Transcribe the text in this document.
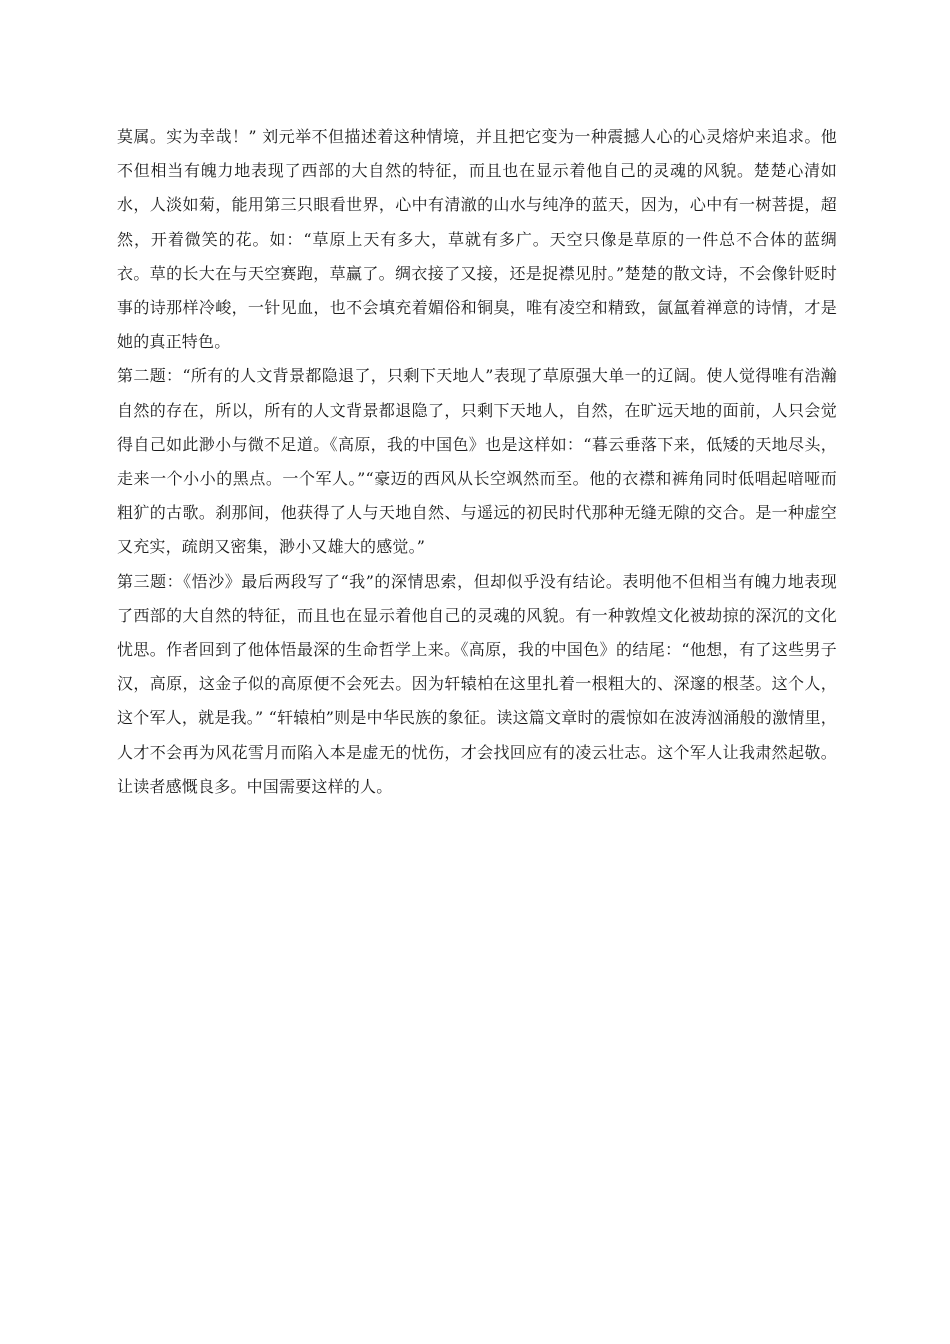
莫属。实为幸哉！” 刘元举不但描述着这种情境，并且把它变为一种震撼人心的心灵熔炉来追求。他不但相当有魄力地表现了西部的大自然的特征，而且也在显示着他自己的灵魂的风貌。楚楚心清如水，人淡如菊，能用第三只眼看世界，心中有清澈的山水与纯净的蓝天，因为，心中有一树菩提，超然，开着微笑的花。如：“草原上天有多大，草就有多广。天空只像是草原的一件总不合体的蓝绸衣。草的长大在与天空赛跑，草赢了。绸衣接了又接，还是捉襟见肘。”楚楚的散文诗，不会像针贬时事的诗那样冷峻，一针见血，也不会填充着媚俗和铜臭，唯有凌空和精致，氤氲着禅意的诗情，才是她的真正特色。

第二题：“所有的人文背景都隐退了，只剩下天地人”表现了草原强大单一的辽阔。使人觉得唯有浩瀚自然的存在，所以，所有的人文背景都退隐了，只剩下天地人，自然，在旷远天地的面前，人只会觉得自己如此渺小与微不足道。《高原，我的中国色》也是这样如：“暮云垂落下来，低矮的天地尽头，走来一个小小的黑点。一个军人。”“豪迈的西风从长空飒然而至。他的衣襟和裤角同时低唱起喑哑而粗犷的古歌。刹那间，他获得了人与天地自然、与遥远的初民时代那种无缝无隙的交合。是一种虚空又充实，疏朗又密集，渺小又雄大的感觉。”

第三题：《悟沙》最后两段写了“我”的深情思索，但却似乎没有结论。表明他不但相当有魄力地表现了西部的大自然的特征，而且也在显示着他自己的灵魂的风貌。有一种敦煌文化被劫掠的深沉的文化忧思。作者回到了他体悟最深的生命哲学上来。《高原，我的中国色》的结尾：“他想，有了这些男子汉，高原，这金子似的高原便不会死去。因为轩辕柏在这里扎着一根粗大的、深邃的根茎。这个人，这个军人，就是我。” “轩辕柏”则是中华民族的象征。读这篇文章时的震惊如在波涛汹涌般的激情里，人才不会再为风花雪月而陷入本是虚无的忧伤，才会找回应有的凌云壮志。这个军人让我肃然起敬。让读者感慨良多。中国需要这样的人。
